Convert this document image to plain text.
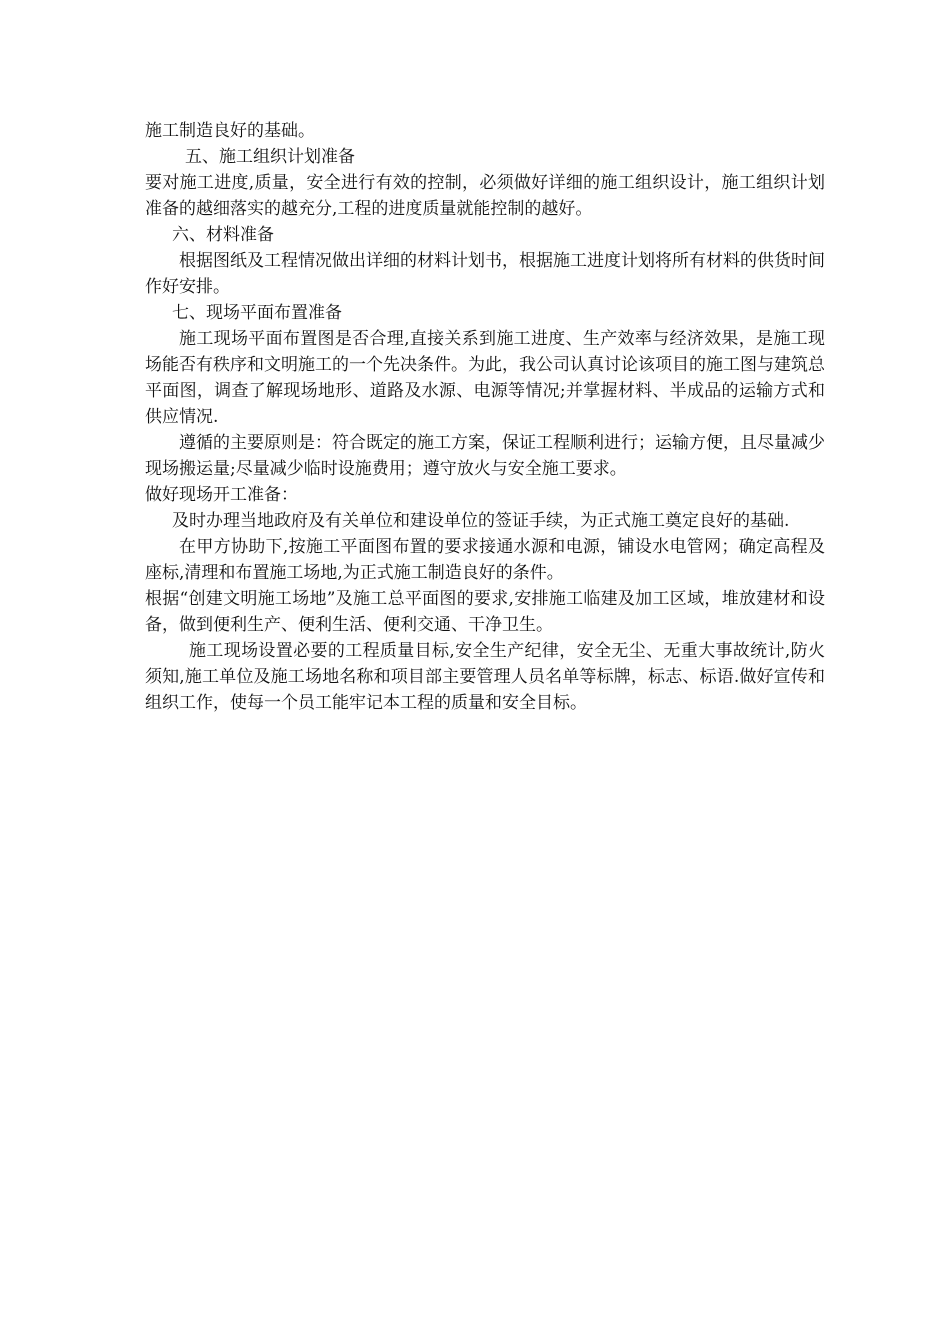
施工制造良好的基础。

五、施工组织计划准备

要对施工进度,质量，安全进行有效的控制，必须做好详细的施工组织设计，施工组织计划准备的越细落实的越充分,工程的进度质量就能控制的越好。

六、材料准备

根据图纸及工程情况做出详细的材料计划书，根据施工进度计划将所有材料的供货时间作好安排。

七、现场平面布置准备

施工现场平面布置图是否合理,直接关系到施工进度、生产效率与经济效果，是施工现场能否有秩序和文明施工的一个先决条件。为此，我公司认真讨论该项目的施工图与建筑总平面图，调查了解现场地形、道路及水源、电源等情况;并掌握材料、半成品的运输方式和供应情况.

遵循的主要原则是：符合既定的施工方案，保证工程顺利进行；运输方便，且尽量减少现场搬运量;尽量减少临时设施费用；遵守放火与安全施工要求。

做好现场开工准备：

及时办理当地政府及有关单位和建设单位的签证手续，为正式施工奠定良好的基础.

在甲方协助下,按施工平面图布置的要求接通水源和电源，铺设水电管网；确定高程及座标,清理和布置施工场地,为正式施工制造良好的条件。

根据“创建文明施工场地”及施工总平面图的要求,安排施工临建及加工区域，堆放建材和设备，做到便利生产、便利生活、便利交通、干净卫生。

施工现场设置必要的工程质量目标,安全生产纪律，安全无尘、无重大事故统计,防火须知,施工单位及施工场地名称和项目部主要管理人员名单等标牌，标志、标语.做好宣传和组织工作，使每一个员工能牢记本工程的质量和安全目标。
